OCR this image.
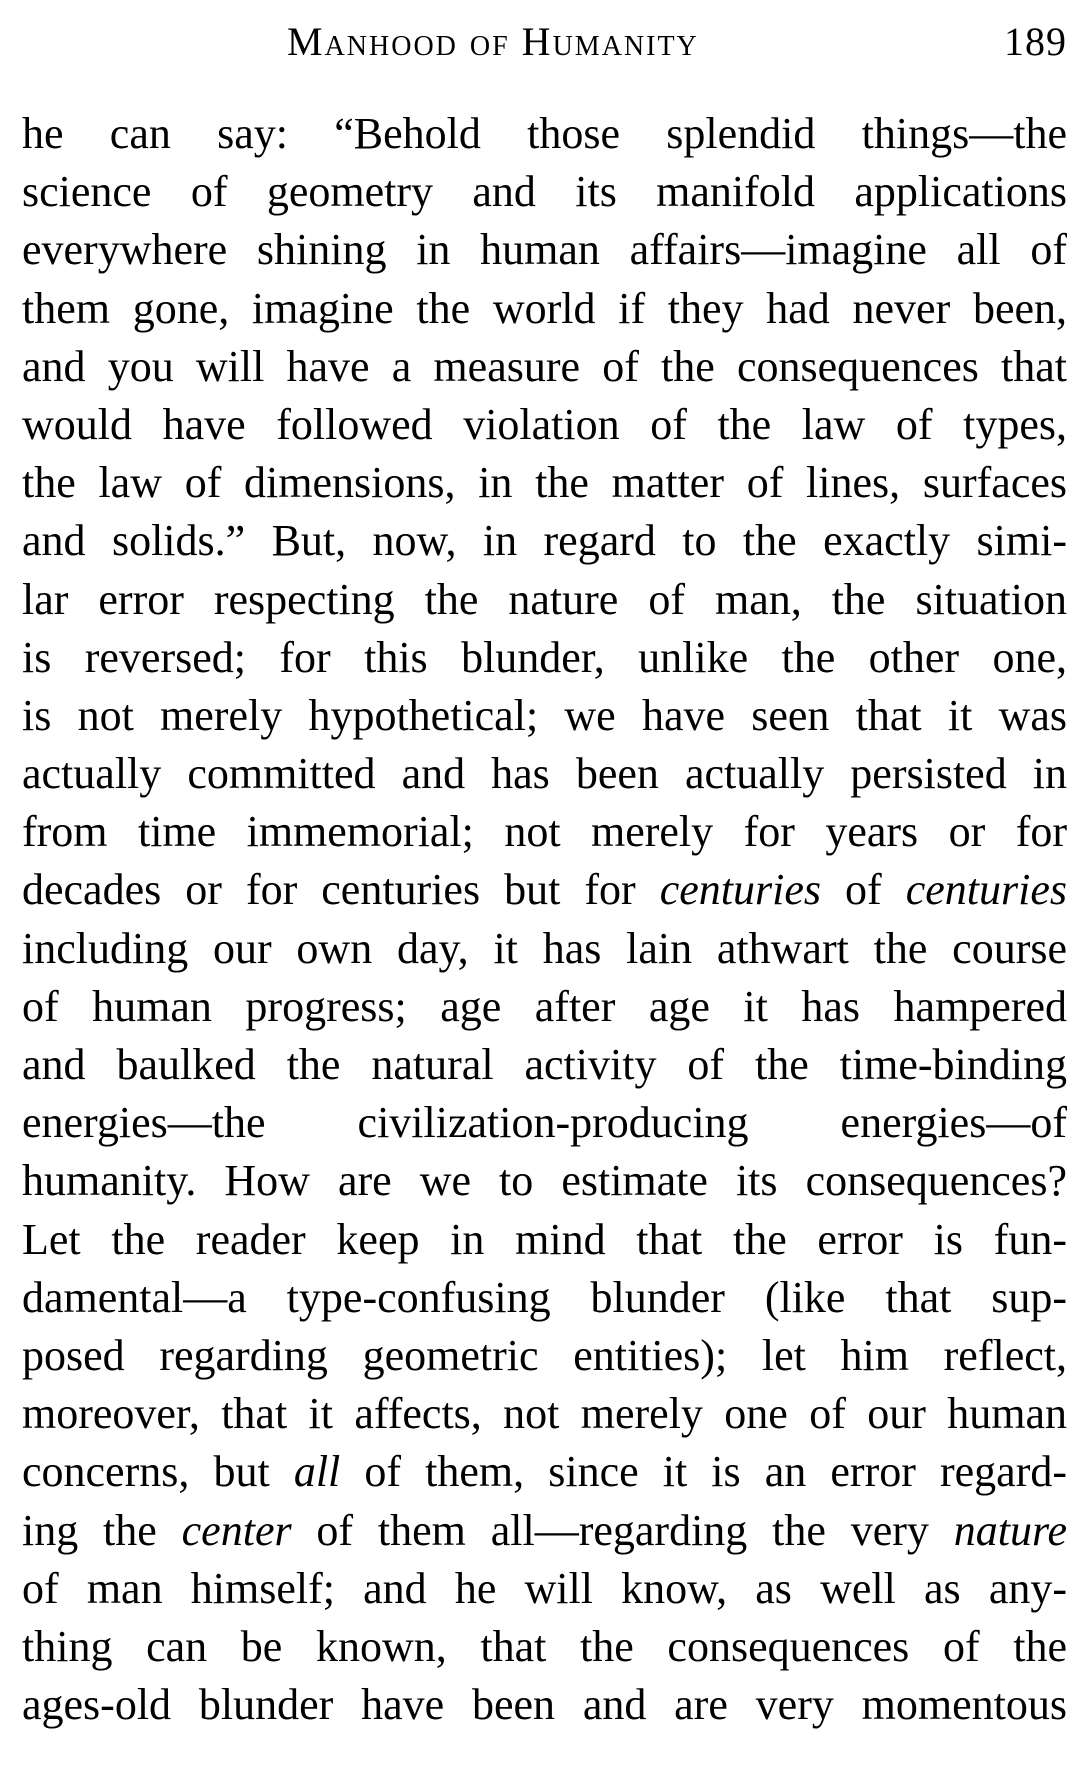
Manhood of Humanity	189
he can say: “Behold those splendid things—the
science of geometry and its manifold applications
everywhere shining in human affairs—imagine all of
them gone, imagine the world if they had never been,
and you will have a measure of the consequences that
would have followed violation of the law of types,
the law of dimensions, in the matter of lines, surfaces
and solids.” But, now, in regard to the exactly simi-
lar error respecting the nature of man, the situation
is reversed; for this blunder, unlike the other one,
is not merely hypothetical; we have seen that it was
actually committed and has been actually persisted in
from time immemorial; not merely for years or for
decades or for centuries but for centuries of centuries
including our own day, it has lain athwart the course
of human progress; age after age it has hampered
and baulked the natural activity of the time-binding
energies—the civilization-producing energies—of
humanity. How are we to estimate its consequences?
Let the reader keep in mind that the error is fun-
damental—a type-confusing blunder (like that sup-
posed regarding geometric entities); let him reflect,
moreover, that it affects, not merely one of our human
concerns, but all of them, since it is an error regard-
ing the center of them all—regarding the very nature
of man himself; and he will know, as well as any-
thing can be known, that the consequences of the
ages-old blunder have been and are very momentous
